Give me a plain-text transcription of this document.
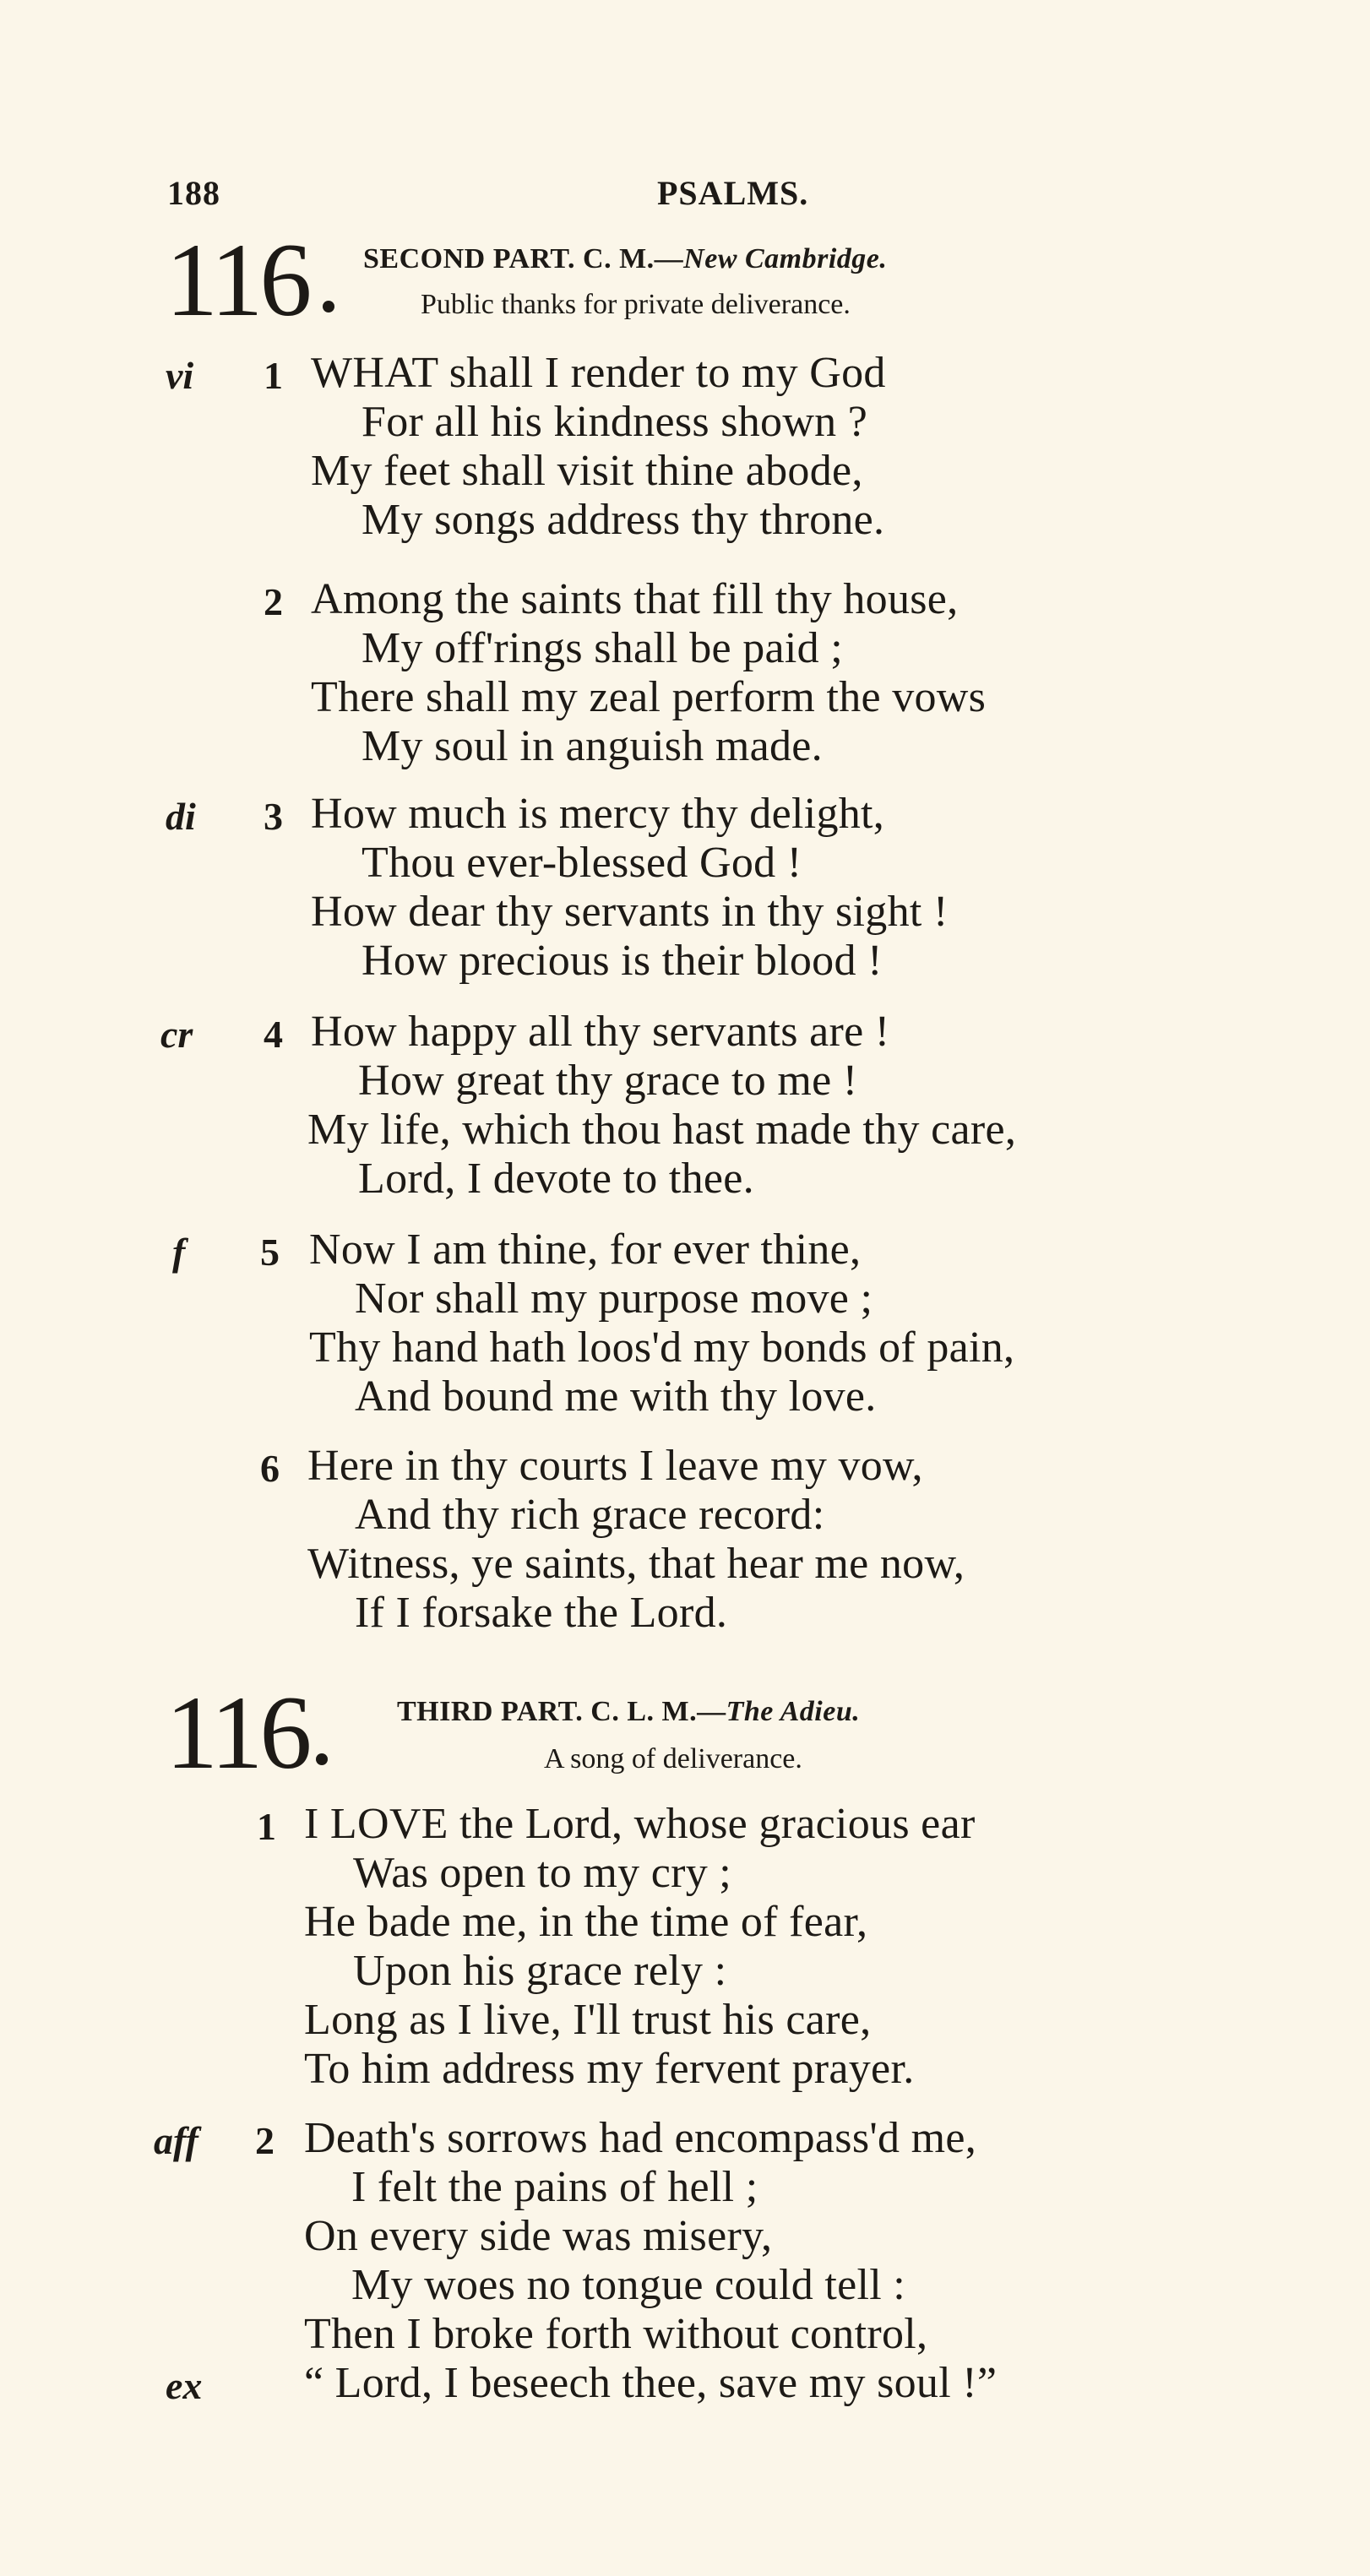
188	PSALMS.
116 SECOND PART. C. M.—New Cambridge.
Public thanks for private deliverance.
vi 1 WHAT shall I render to my God
For all his kindness shown ?
My feet shall visit thine abode,
My songs address thy throne.
2 Among the saints that fill thy house,
My off'rings shall be paid ;
There shall my zeal perform the vows
My soul in anguish made.
di 3 How much is mercy thy delight,
Thou ever-blessed God !
How dear thy servants in thy sight !
How precious is their blood !
cr 4 How happy all thy servants are !
How great thy grace to me !
My life, which thou hast made thy care,
Lord, I devote to thee.
f 5 Now I am thine, for ever thine,
Nor shall my purpose move ;
Thy hand hath loos'd my bonds of pain,
And bound me with thy love.
6 Here in thy courts I leave my vow,
And thy rich grace record:
Witness, ye saints, that hear me now,
If I forsake the Lord.
116	THIRD PART. C. L. M.—The Adieu.
A song of deliverance.
1 I LOVE the Lord, whose gracious ear
Was open to my cry ;
He bade me, in the time of fear,
Upon his grace rely :
Long as I live, I'll trust his care,
To him address my fervent prayer.
aff 2 Death's sorrows had encompass'd me,
I felt the pains of hell ;
On every side was misery,
My woes no tongue could tell :
Then I broke forth without control,
ex “ Lord, I beseech thee, save my soul !”
